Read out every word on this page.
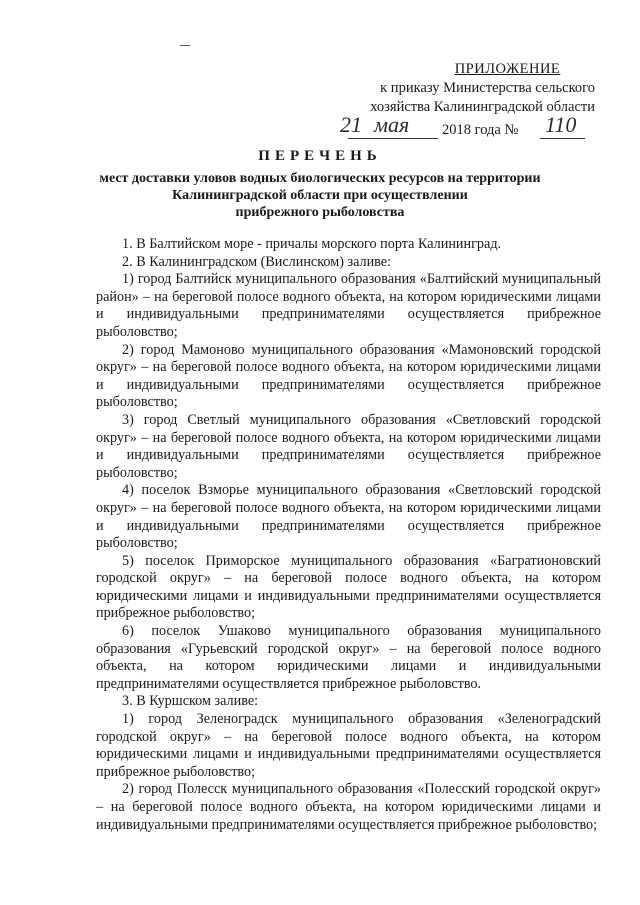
ПРИЛОЖЕНИЕ
к приказу Министерства сельского
хозяйства Калининградской области
21 мая 2018 года № 110
ПЕРЕЧЕНЬ
мест доставки уловов водных биологических ресурсов на территории
Калининградской области при осуществлении
прибрежного рыболовства

1. В Балтийском море - причалы морского порта Калининград.

2. В Калининградском (Вислинском) заливе:

1) город Балтийск муниципального образования «Балтийский муниципальный район» – на береговой полосе водного объекта, на котором юридическими лицами и индивидуальными предпринимателями осуществляется прибрежное рыболовство;

2) город Мамоново муниципального образования «Мамоновский городской округ» – на береговой полосе водного объекта, на котором юридическими лицами и индивидуальными предпринимателями осуществляется прибрежное рыболовство;

3) город Светлый муниципального образования «Светловский городской округ» – на береговой полосе водного объекта, на котором юридическими лицами и индивидуальными предпринимателями осуществляется прибрежное рыболовство;

4) поселок Взморье муниципального образования «Светловский городской округ» – на береговой полосе водного объекта, на котором юридическими лицами и индивидуальными предпринимателями осуществляется прибрежное рыболовство;

5) поселок Приморское муниципального образования «Багратионовский городской округ» – на береговой полосе водного объекта, на котором юридическими лицами и индивидуальными предпринимателями осуществляется прибрежное рыболовство;

6) поселок Ушаково муниципального образования муниципального образования «Гурьевский городской округ» – на береговой полосе водного объекта, на котором юридическими лицами и индивидуальными предпринимателями осуществляется прибрежное рыболовство.

3. В Куршском заливе:

1) город Зеленоградск муниципального образования «Зеленоградский городской округ» – на береговой полосе водного объекта, на котором юридическими лицами и индивидуальными предпринимателями осуществляется прибрежное рыболовство;

2) город Полесск муниципального образования «Полесский городской округ» – на береговой полосе водного объекта, на котором юридическими лицами и индивидуальными предпринимателями осуществляется прибрежное рыболовство;
